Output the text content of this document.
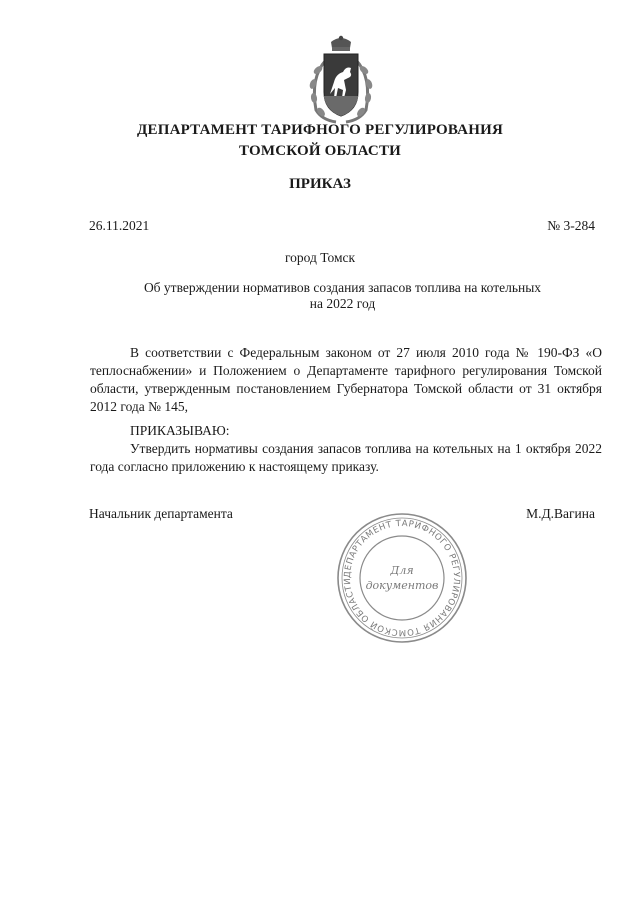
ДЕПАРТАМЕНТ ТАРИФНОГО РЕГУЛИРОВАНИЯ
ТОМСКОЙ ОБЛАСТИ
ПРИКАЗ
26.11.2021	№ 3-284
город Томск
Об утверждении нормативов создания запасов топлива на котельных
на 2022 год

В соответствии с Федеральным законом от 27 июля 2010 года № 190-ФЗ «О теплоснабжении» и Положением о Департаменте тарифного регулирования Томской области, утвержденным постановлением Губернатора Томской области от 31 октября 2012 года № 145,

ПРИКАЗЫВАЮ:

Утвердить нормативы создания запасов топлива на котельных на 1 октября 2022 года согласно приложению к настоящему приказу.

Начальник департамента	М.Д.Вагина
ДЕПАРТАМЕНТ ТАРИФНОГО РЕГУЛИРОВАНИЯ ТОМСКОЙ ОБЛАСТИ
Для
документов
